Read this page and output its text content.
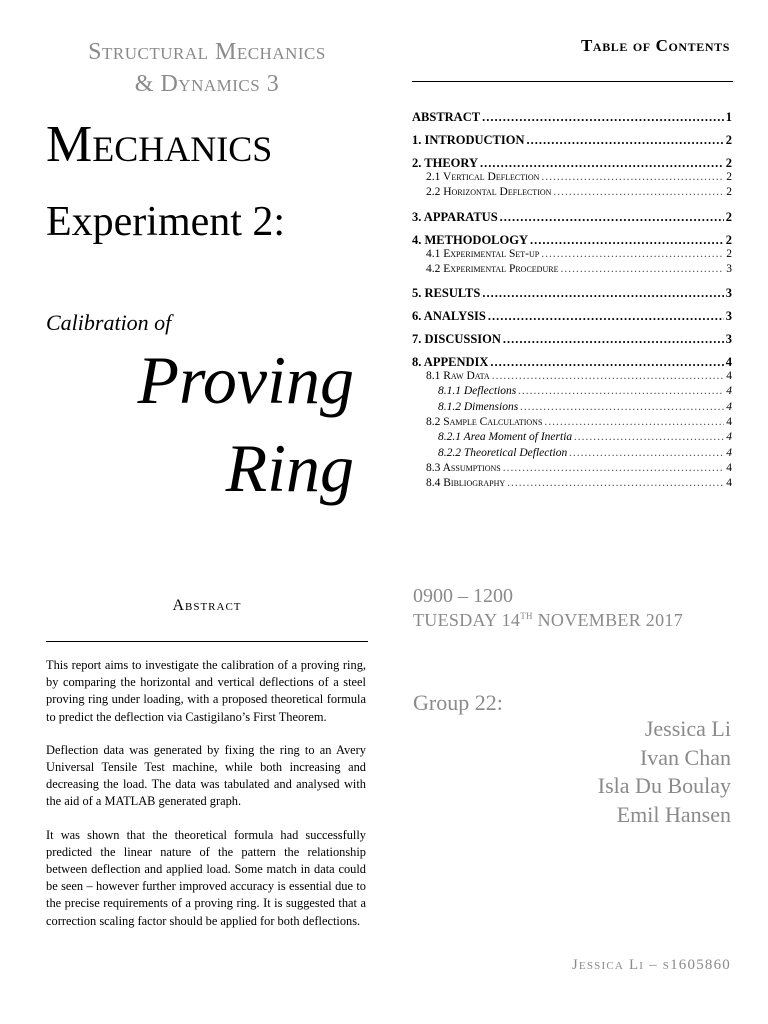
Structural Mechanics
& Dynamics 3
Mechanics
Experiment 2:
Calibration of
Proving
Ring
Abstract

This report aims to investigate the calibration of a proving ring, by comparing the horizontal and vertical deflections of a steel proving ring under loading, with a proposed theoretical formula to predict the deflection via Castigilano’s First Theorem.

Deflection data was generated by fixing the ring to an Avery Universal Tensile Test machine, while both increasing and decreasing the load. The data was tabulated and analysed with the aid of a MATLAB generated graph.

It was shown that the theoretical formula had successfully predicted the linear nature of the pattern the relationship between deflection and applied load. Some match in data could be seen – however further improved accuracy is essential due to the precise requirements of a proving ring. It is suggested that a correction scaling factor should be applied for both deflections.

Table of Contents
ABSTRACT .....	1
1. INTRODUCTION .....	2
2. THEORY .....	2
2.1 Vertical Deflection .....	2
2.2 Horizontal Deflection .....	2
3. APPARATUS .....	2
4. METHODOLOGY .....	2
4.1 Experimental Set-up .....	2
4.2 Experimental Procedure .....	3
5. RESULTS .....	3
6. ANALYSIS .....	3
7. DISCUSSION .....	3
8. APPENDIX .....	4
8.1 Raw Data .....	4
8.1.1 Deflections .....	4
8.1.2 Dimensions .....	4
8.2 Sample Calculations .....	4
8.2.1 Area Moment of Inertia .....	4
8.2.2 Theoretical Deflection .....	4
8.3 Assumptions .....	4
8.4 Bibliography .....	4
0900 – 1200
TUESDAY 14TH NOVEMBER 2017
Group 22:
Jessica Li
Ivan Chan
Isla Du Boulay
Emil Hansen
Jessica Li – s1605860
